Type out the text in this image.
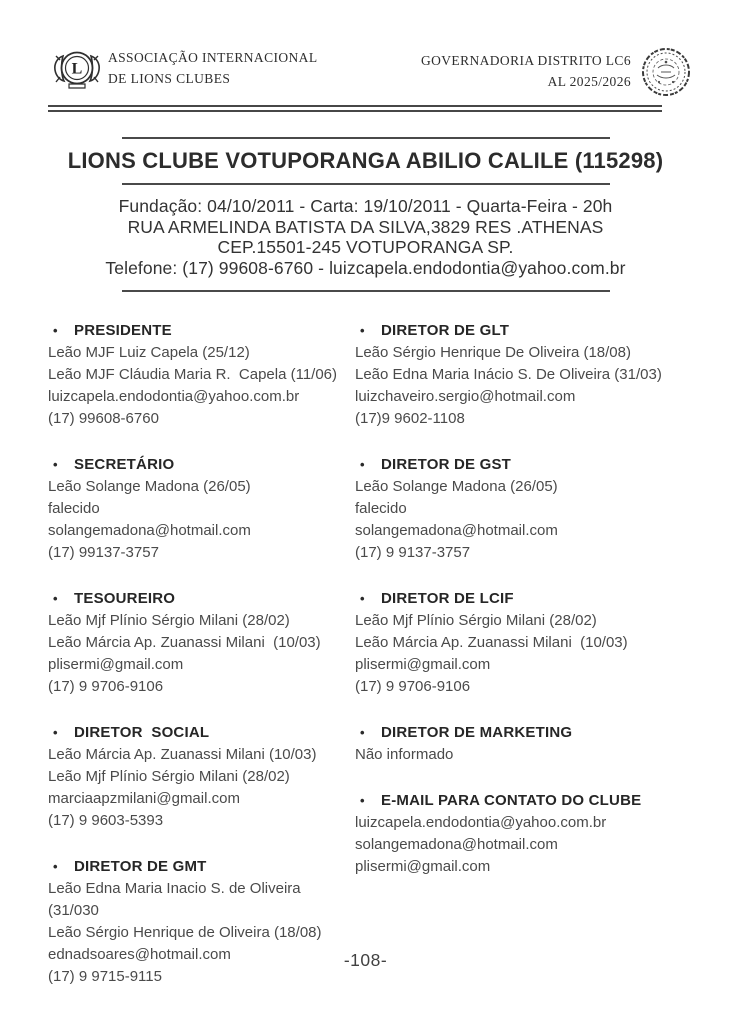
L
ASSOCIAÇÃO INTERNACIONAL
DE LIONS CLUBES
GOVERNADORIA DISTRITO LC6
AL 2025/2026
LIONS CLUBE VOTUPORANGA ABILIO CALILE (115298)
Fundação: 04/10/2011 - Carta: 19/10/2011 - Quarta-Feira - 20h
RUA ARMELINDA BATISTA DA SILVA,3829 RES .ATHENAS
CEP.15501-245 VOTUPORANGA SP.
Telefone: (17) 99608-6760 - luizcapela.endodontia@yahoo.com.br
• PRESIDENTE
Leão MJF Luiz Capela (25/12)
Leão MJF Cláudia Maria R.  Capela (11/06)
luizcapela.endodontia@yahoo.com.br
(17) 99608-6760
• SECRETÁRIO
Leão Solange Madona (26/05)
falecido
solangemadona@hotmail.com
(17) 99137-3757
• TESOUREIRO
Leão Mjf Plínio Sérgio Milani (28/02)
Leão Márcia Ap. Zuanassi Milani  (10/03)
plisermi@gmail.com
(17) 9 9706-9106
• DIRETOR  SOCIAL
Leão Márcia Ap. Zuanassi Milani (10/03)
Leão Mjf Plínio Sérgio Milani (28/02)
marciaapzmilani@gmail.com
(17) 9 9603-5393
• DIRETOR DE GMT
Leão Edna Maria Inacio S. de Oliveira (31/030
Leão Sérgio Henrique de Oliveira (18/08)
ednadsoares@hotmail.com
(17) 9 9715-9115
• DIRETOR DE GLT
Leão Sérgio Henrique De Oliveira (18/08)
Leão Edna Maria Inácio S. De Oliveira (31/03)
luizchaveiro.sergio@hotmail.com
(17)9 9602-1108
• DIRETOR DE GST
Leão Solange Madona (26/05)
falecido
solangemadona@hotmail.com
(17) 9 9137-3757
• DIRETOR DE LCIF
Leão Mjf Plínio Sérgio Milani (28/02)
Leão Márcia Ap. Zuanassi Milani  (10/03)
plisermi@gmail.com
(17) 9 9706-9106
• DIRETOR DE MARKETING
Não informado
• E-MAIL PARA CONTATO DO CLUBE
luizcapela.endodontia@yahoo.com.br
solangemadona@hotmail.com
plisermi@gmail.com
-108-
